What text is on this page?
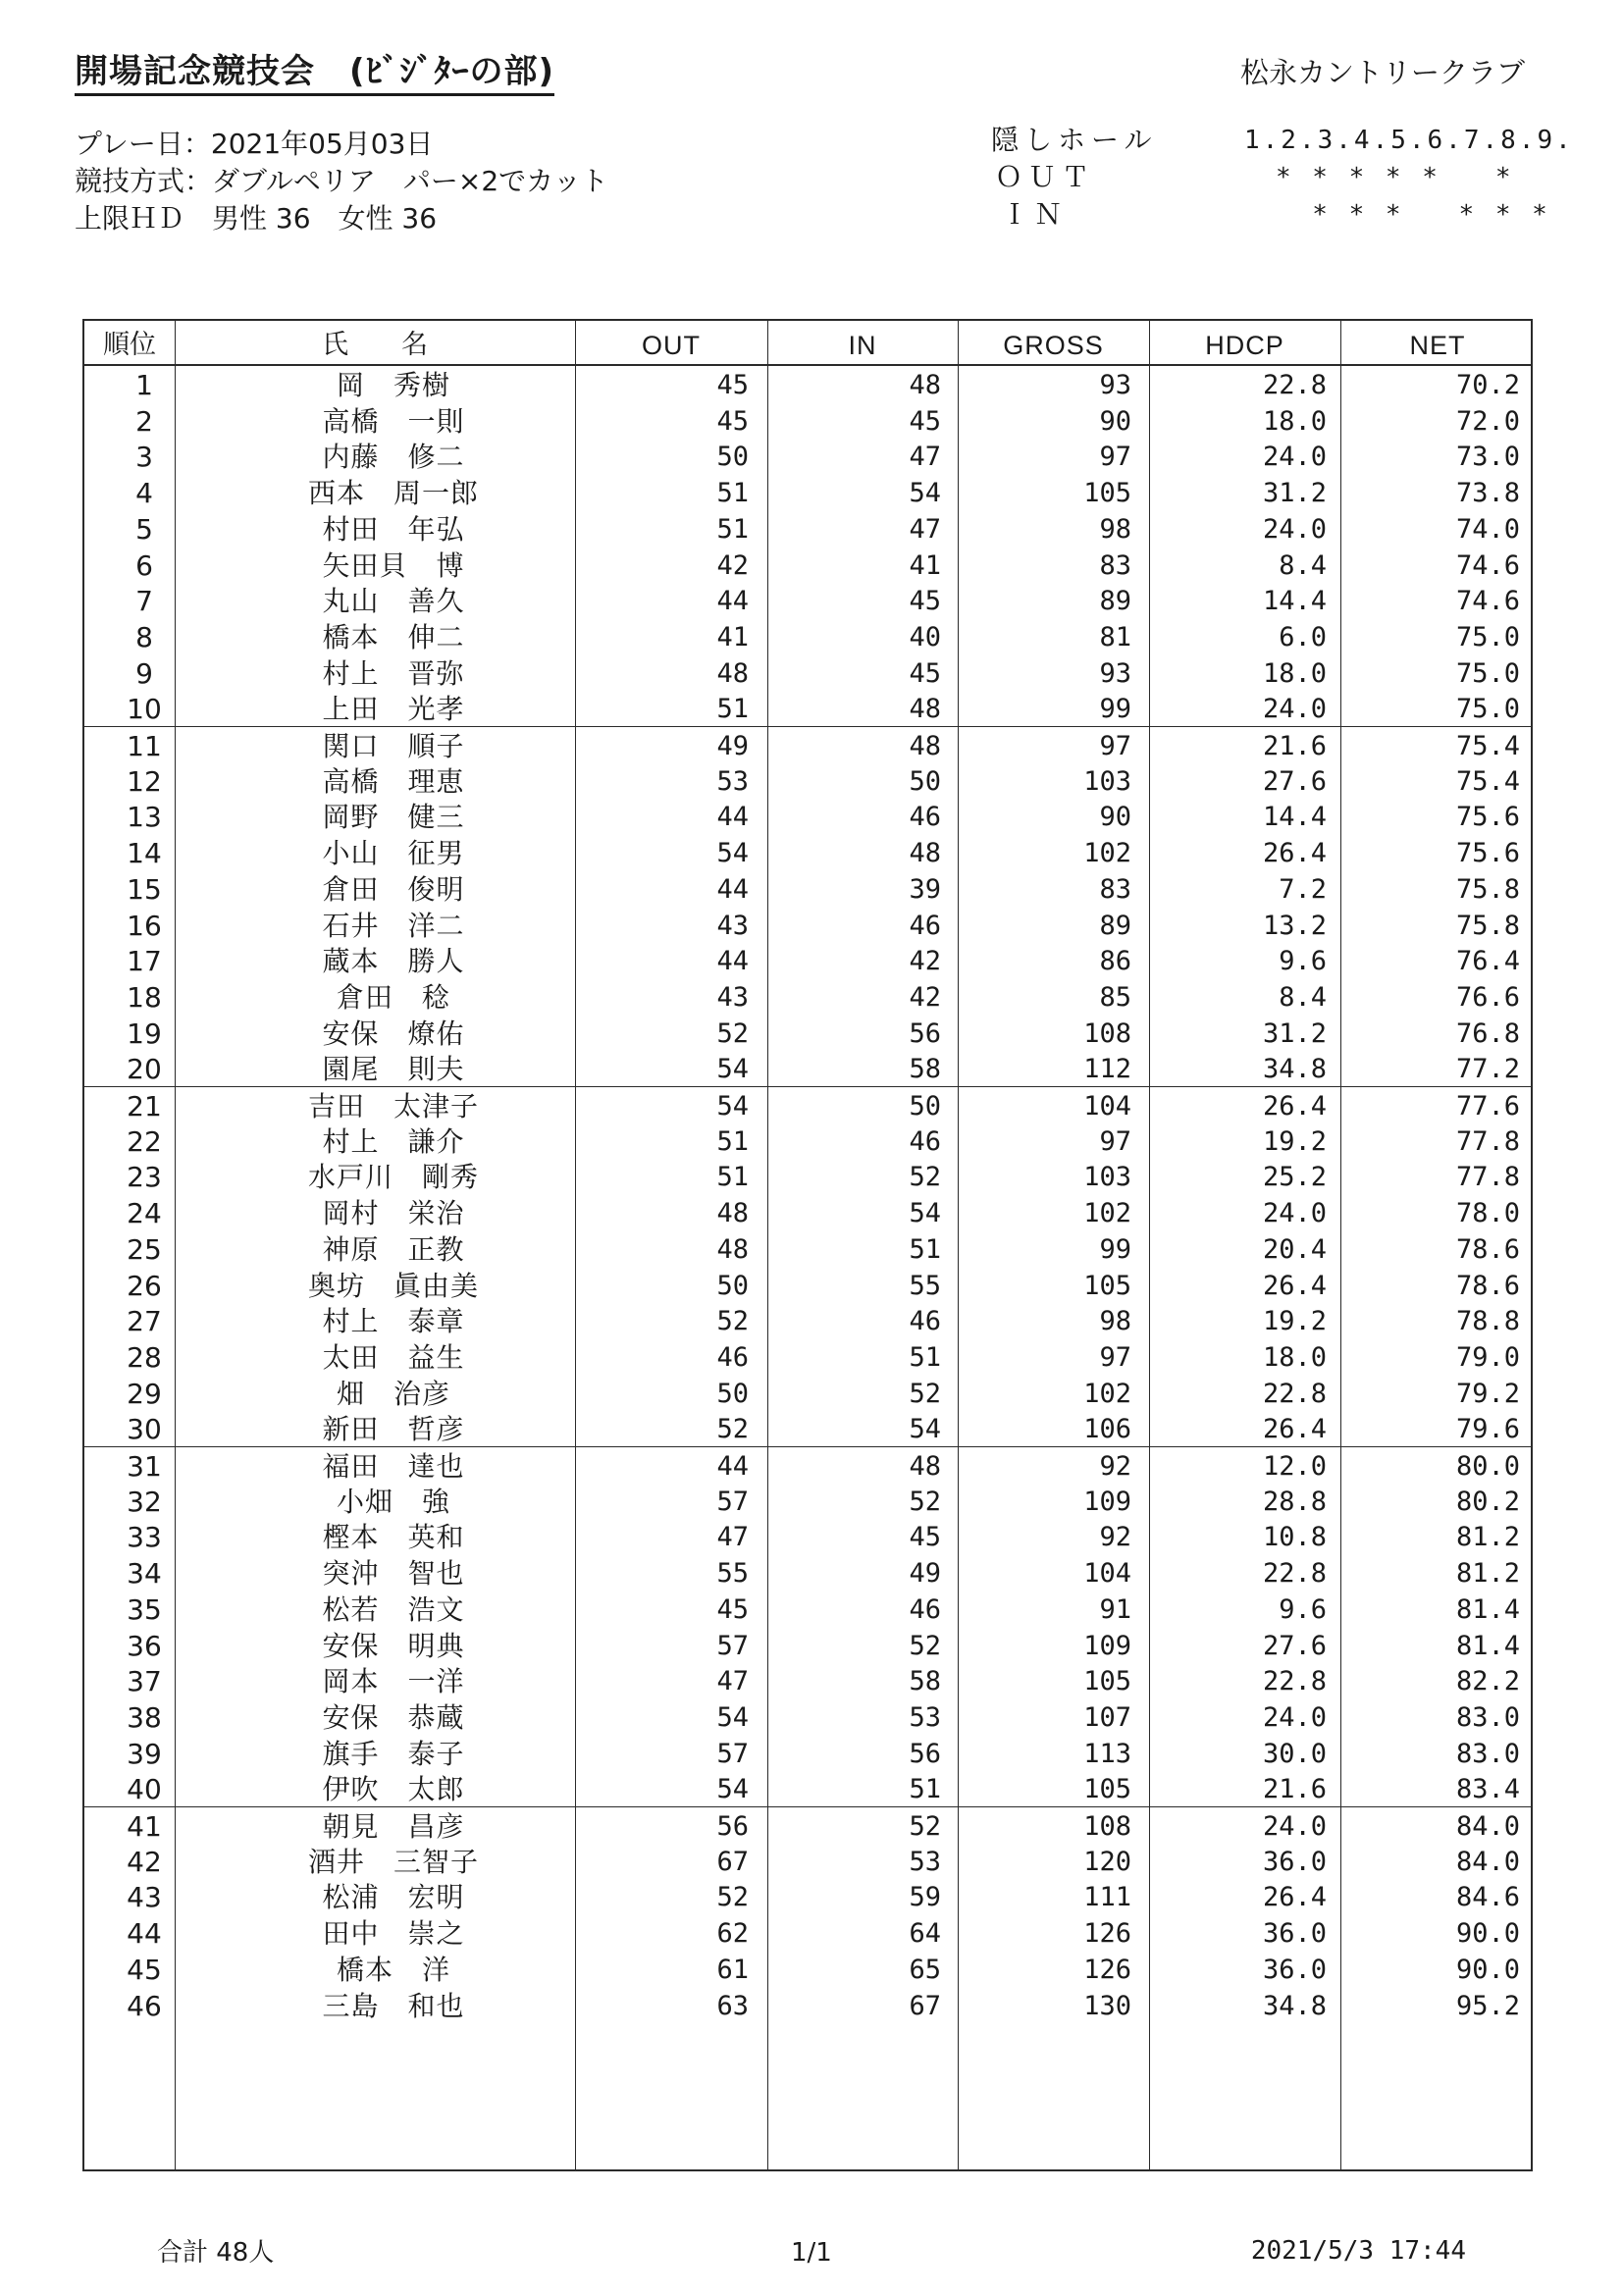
開場記念競技会　(ﾋﾞｼﾞﾀｰの部)	松永カントリークラブ
プレー日：2021年05月03日
競技方式：ダブルペリア　パー×2でカット
上限ＨＤ　男性 36　女性 36
隠しホール	1.2.3.4.5.6.7.8.9.
ＯＵＴ	* * * * *   *
ＩＮ	* * *   * * *
順位	氏　　名	OUT	IN	GROSS	HDCP	NET
1	岡　秀樹	45	48	93	22.8	70.2
2	高橋　一則	45	45	90	18.0	72.0
3	内藤　修二	50	47	97	24.0	73.0
4	西本　周一郎	51	54	105	31.2	73.8
5	村田　年弘	51	47	98	24.0	74.0
6	矢田貝　博	42	41	83	8.4	74.6
7	丸山　善久	44	45	89	14.4	74.6
8	橋本　伸二	41	40	81	6.0	75.0
9	村上　晋弥	48	45	93	18.0	75.0
10	上田　光孝	51	48	99	24.0	75.0
11	関口　順子	49	48	97	21.6	75.4
12	高橋　理恵	53	50	103	27.6	75.4
13	岡野　健三	44	46	90	14.4	75.6
14	小山　征男	54	48	102	26.4	75.6
15	倉田　俊明	44	39	83	7.2	75.8
16	石井　洋二	43	46	89	13.2	75.8
17	蔵本　勝人	44	42	86	9.6	76.4
18	倉田　稔	43	42	85	8.4	76.6
19	安保　燎佑	52	56	108	31.2	76.8
20	園尾　則夫	54	58	112	34.8	77.2
21	吉田　太津子	54	50	104	26.4	77.6
22	村上　謙介	51	46	97	19.2	77.8
23	水戸川　剛秀	51	52	103	25.2	77.8
24	岡村　栄治	48	54	102	24.0	78.0
25	神原　正教	48	51	99	20.4	78.6
26	奥坊　眞由美	50	55	105	26.4	78.6
27	村上　泰章	52	46	98	19.2	78.8
28	太田　益生	46	51	97	18.0	79.0
29	畑　治彦	50	52	102	22.8	79.2
30	新田　哲彦	52	54	106	26.4	79.6
31	福田　達也	44	48	92	12.0	80.0
32	小畑　強	57	52	109	28.8	80.2
33	樫本　英和	47	45	92	10.8	81.2
34	突沖　智也	55	49	104	22.8	81.2
35	松若　浩文	45	46	91	9.6	81.4
36	安保　明典	57	52	109	27.6	81.4
37	岡本　一洋	47	58	105	22.8	82.2
38	安保　恭蔵	54	53	107	24.0	83.0
39	旗手　泰子	57	56	113	30.0	83.0
40	伊吹　太郎	54	51	105	21.6	83.4
41	朝見　昌彦	56	52	108	24.0	84.0
42	酒井　三智子	67	53	120	36.0	84.0
43	松浦　宏明	52	59	111	26.4	84.6
44	田中　崇之	62	64	126	36.0	90.0
45	橋本　洋	61	65	126	36.0	90.0
46	三島　和也	63	67	130	34.8	95.2
合計 48人	1/1	2021/5/3 17:44
